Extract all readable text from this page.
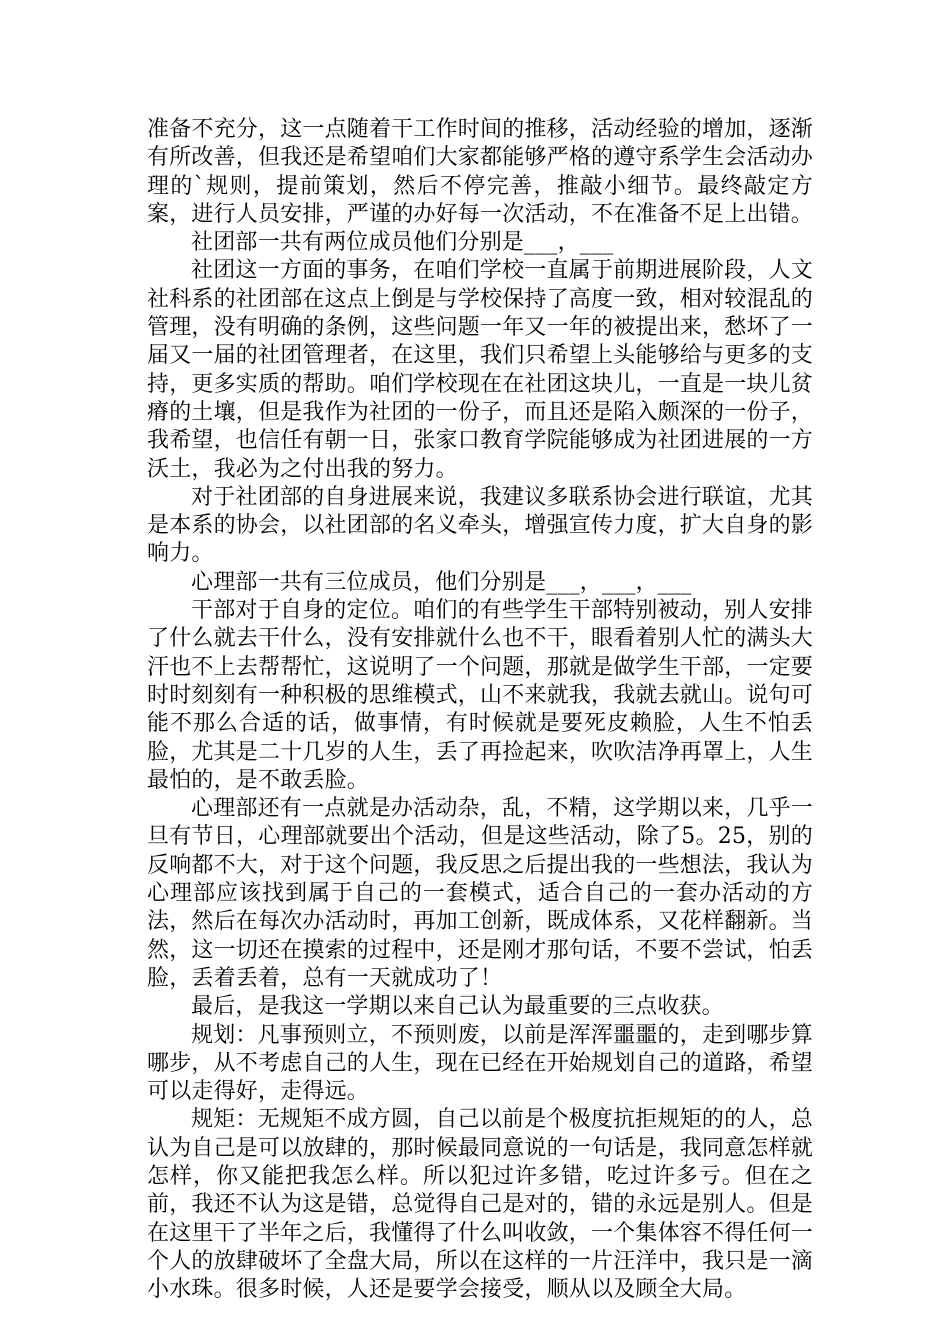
准备不充分，这一点随着干工作时间的推移，活动经验的增加，逐渐有所改善，但我还是希望咱们大家都能够严格的遵守系学生会活动办理的`规则，提前策划，然后不停完善，推敲小细节。最终敲定方案，进行人员安排，严谨的办好每一次活动，不在准备不足上出错。

社团部一共有两位成员他们分别是___，___

社团这一方面的事务，在咱们学校一直属于前期进展阶段，人文社科系的社团部在这点上倒是与学校保持了高度一致，相对较混乱的管理，没有明确的条例，这些问题一年又一年的被提出来，愁坏了一届又一届的社团管理者，在这里，我们只希望上头能够给与更多的支持，更多实质的帮助。咱们学校现在在社团这块儿，一直是一块儿贫瘠的土壤，但是我作为社团的一份子，而且还是陷入颇深的一份子，我希望，也信任有朝一日，张家口教育学院能够成为社团进展的一方沃土，我必为之付出我的努力。

对于社团部的自身进展来说，我建议多联系协会进行联谊，尤其是本系的协会，以社团部的名义牵头，增强宣传力度，扩大自身的影响力。

心理部一共有三位成员，他们分别是___，___，___

干部对于自身的定位。咱们的有些学生干部特别被动，别人安排了什么就去干什么，没有安排就什么也不干，眼看着别人忙的满头大汗也不上去帮帮忙，这说明了一个问题，那就是做学生干部，一定要时时刻刻有一种积极的思维模式，山不来就我，我就去就山。说句可能不那么合适的话，做事情，有时候就是要死皮赖脸，人生不怕丢脸，尤其是二十几岁的人生，丢了再捡起来，吹吹洁净再罩上，人生最怕的，是不敢丢脸。

心理部还有一点就是办活动杂，乱，不精，这学期以来，几乎一旦有节日，心理部就要出个活动，但是这些活动，除了5。25，别的反响都不大，对于这个问题，我反思之后提出我的一些想法，我认为心理部应该找到属于自己的一套模式，适合自己的一套办活动的方法，然后在每次办活动时，再加工创新，既成体系，又花样翻新。当然，这一切还在摸索的过程中，还是刚才那句话，不要不尝试，怕丢脸，丢着丢着，总有一天就成功了！

最后，是我这一学期以来自己认为最重要的三点收获。

规划：凡事预则立，不预则废，以前是浑浑噩噩的，走到哪步算哪步，从不考虑自己的人生，现在已经在开始规划自己的道路，希望可以走得好，走得远。

规矩：无规矩不成方圆，自己以前是个极度抗拒规矩的的人，总认为自己是可以放肆的，那时候最同意说的一句话是，我同意怎样就怎样，你又能把我怎么样。所以犯过许多错，吃过许多亏。但在之前，我还不认为这是错，总觉得自己是对的，错的永远是别人。但是在这里干了半年之后，我懂得了什么叫收敛，一个集体容不得任何一个人的放肆破坏了全盘大局，所以在这样的一片汪洋中，我只是一滴小水珠。很多时候，人还是要学会接受，顺从以及顾全大局。
